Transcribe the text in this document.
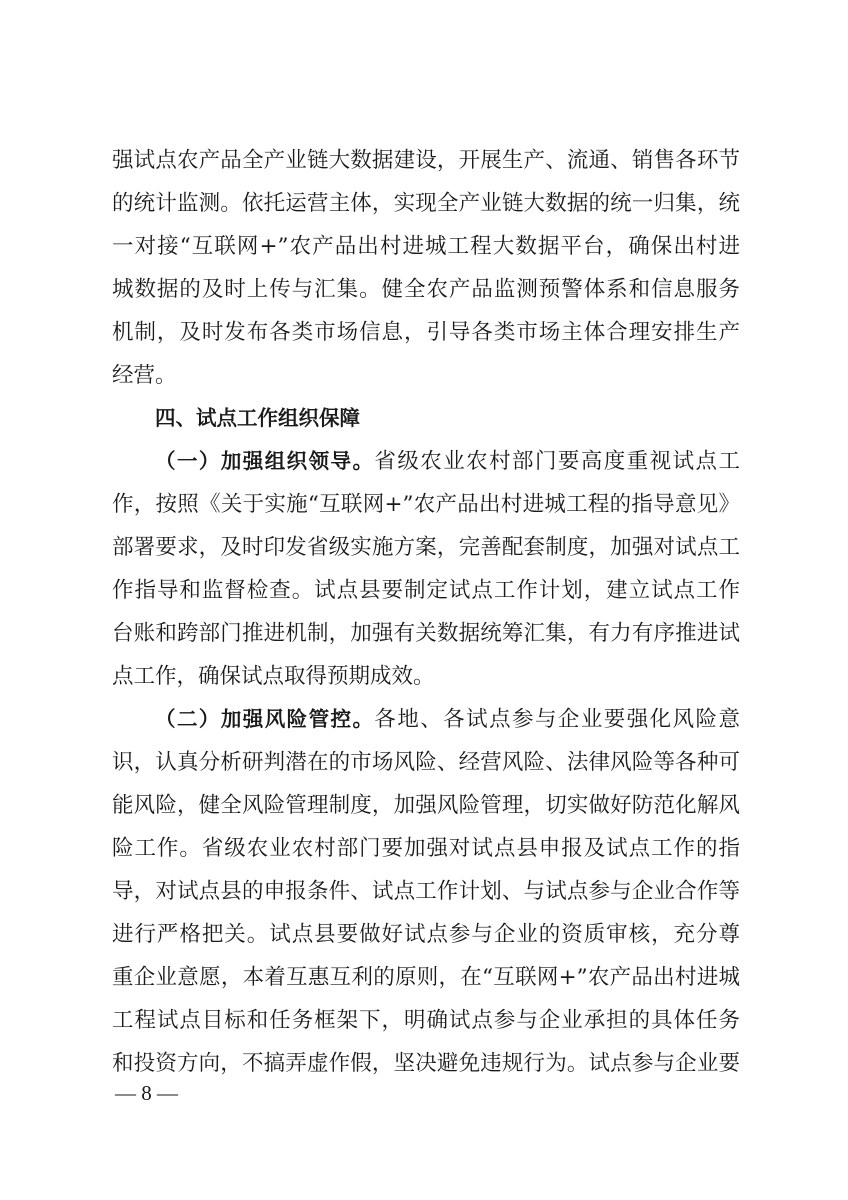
强试点农产品全产业链大数据建设，开展生产、流通、销售各环节
的统计监测。依托运营主体，实现全产业链大数据的统一归集，统
一对接“互联网+”农产品出村进城工程大数据平台，确保出村进
城数据的及时上传与汇集。健全农产品监测预警体系和信息服务
机制，及时发布各类市场信息，引导各类市场主体合理安排生产
经营。
四、试点工作组织保障
（一）加强组织领导。省级农业农村部门要高度重视试点工
作，按照《关于实施“互联网+”农产品出村进城工程的指导意见》
部署要求，及时印发省级实施方案，完善配套制度，加强对试点工
作指导和监督检查。试点县要制定试点工作计划，建立试点工作
台账和跨部门推进机制，加强有关数据统筹汇集，有力有序推进试
点工作，确保试点取得预期成效。
（二）加强风险管控。各地、各试点参与企业要强化风险意
识，认真分析研判潜在的市场风险、经营风险、法律风险等各种可
能风险，健全风险管理制度，加强风险管理，切实做好防范化解风
险工作。省级农业农村部门要加强对试点县申报及试点工作的指
导，对试点县的申报条件、试点工作计划、与试点参与企业合作等
进行严格把关。试点县要做好试点参与企业的资质审核，充分尊
重企业意愿，本着互惠互利的原则，在“互联网+”农产品出村进城
工程试点目标和任务框架下，明确试点参与企业承担的具体任务
和投资方向，不搞弄虚作假，坚决避免违规行为。试点参与企业要
— 8 —
